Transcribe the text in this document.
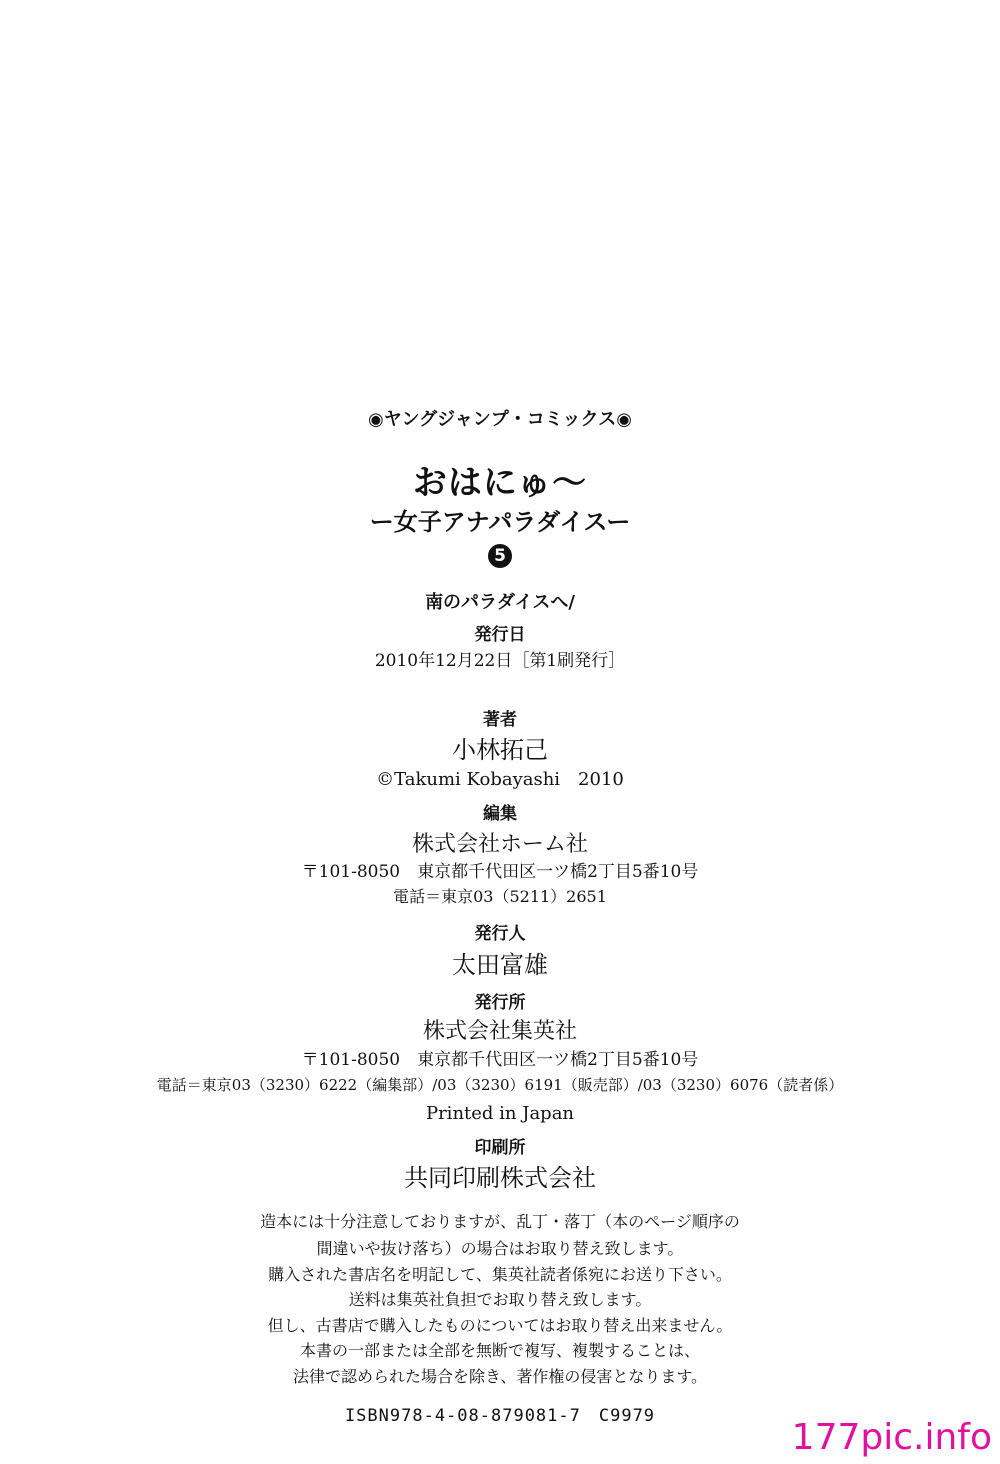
◉ヤングジャンプ・コミックス◉
おはにゅ〜
ー女子アナパラダイスー
5
南のパラダイスへ/
発行日
2010年12月22日［第1刷発行］
著者
小林拓己
©Takumi Kobayashi　2010
編集
株式会社ホーム社
〒101-8050　東京都千代田区一ツ橋2丁目5番10号
電話＝東京03（5211）2651
発行人
太田富雄
発行所
株式会社集英社
〒101-8050　東京都千代田区一ツ橋2丁目5番10号
電話＝東京03（3230）6222（編集部）/03（3230）6191（販売部）/03（3230）6076（読者係）
Printed in Japan
印刷所
共同印刷株式会社
造本には十分注意しておりますが、乱丁・落丁（本のページ順序の
間違いや抜け落ち）の場合はお取り替え致します。
購入された書店名を明記して、集英社読者係宛にお送り下さい。
送料は集英社負担でお取り替え致します。
但し、古書店で購入したものについてはお取り替え出来ません。
本書の一部または全部を無断で複写、複製することは、
法律で認められた場合を除き、著作権の侵害となります。
ISBN978-4-08-879081-7　C9979
177pic.info
